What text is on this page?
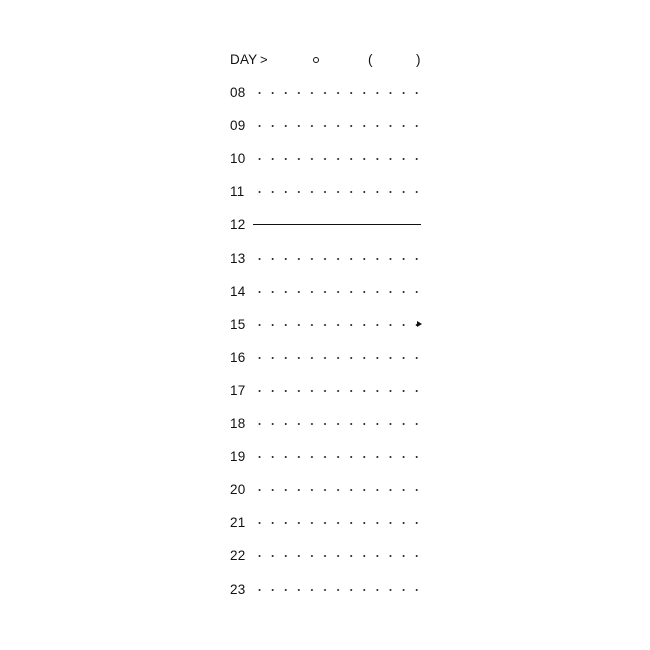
DAY >	(	)
08
09
10
11
12
13
14
15
16
17
18
19
20
21
22
23
